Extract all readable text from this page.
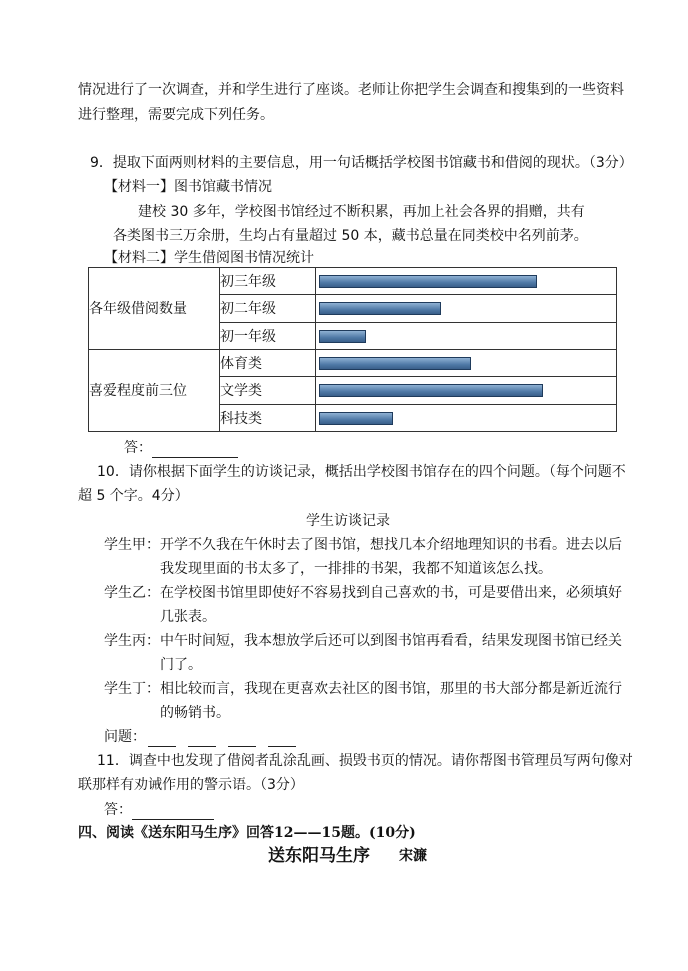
情况进行了一次调查，并和学生进行了座谈。老师让你把学生会调查和搜集到的一些资料
进行整理，需要完成下列任务。
9．提取下面两则材料的主要信息，用一句话概括学校图书馆藏书和借阅的现状。（3分）
【材料一】图书馆藏书情况
建校 30 多年，学校图书馆经过不断积累，再加上社会各界的捐赠，共有
各类图书三万余册，生均占有量超过 50 本，藏书总量在同类校中名列前茅。
【材料二】学生借阅图书情况统计
各年级借阅数量	初三年级	

	初二年级	

	初一年级	

喜爱程度前三位	体育类	

	文学类	

	科技类	
答：
10．请你根据下面学生的访谈记录，概括出学校图书馆存在的四个问题。（每个问题不
超 5 个字。4分）
学生访谈记录
学生甲： 开学不久我在午休时去了图书馆，想找几本介绍地理知识的书看。进去以后
我发现里面的书太多了，一排排的书架，我都不知道该怎么找。
学生乙： 在学校图书馆里即使好不容易找到自己喜欢的书，可是要借出来，必须填好
几张表。
学生丙： 中午时间短，我本想放学后还可以到图书馆再看看，结果发现图书馆已经关
门了。
学生丁： 相比较而言，我现在更喜欢去社区的图书馆，那里的书大部分都是新近流行
的畅销书。
问题：
11．调查中也发现了借阅者乱涂乱画、损毁书页的情况。请你帮图书管理员写两句像对
联那样有劝诫作用的警示语。（3分）
答：
四、阅读《送东阳马生序》回答12——15题。(10分)
送东阳马生序 宋濂
